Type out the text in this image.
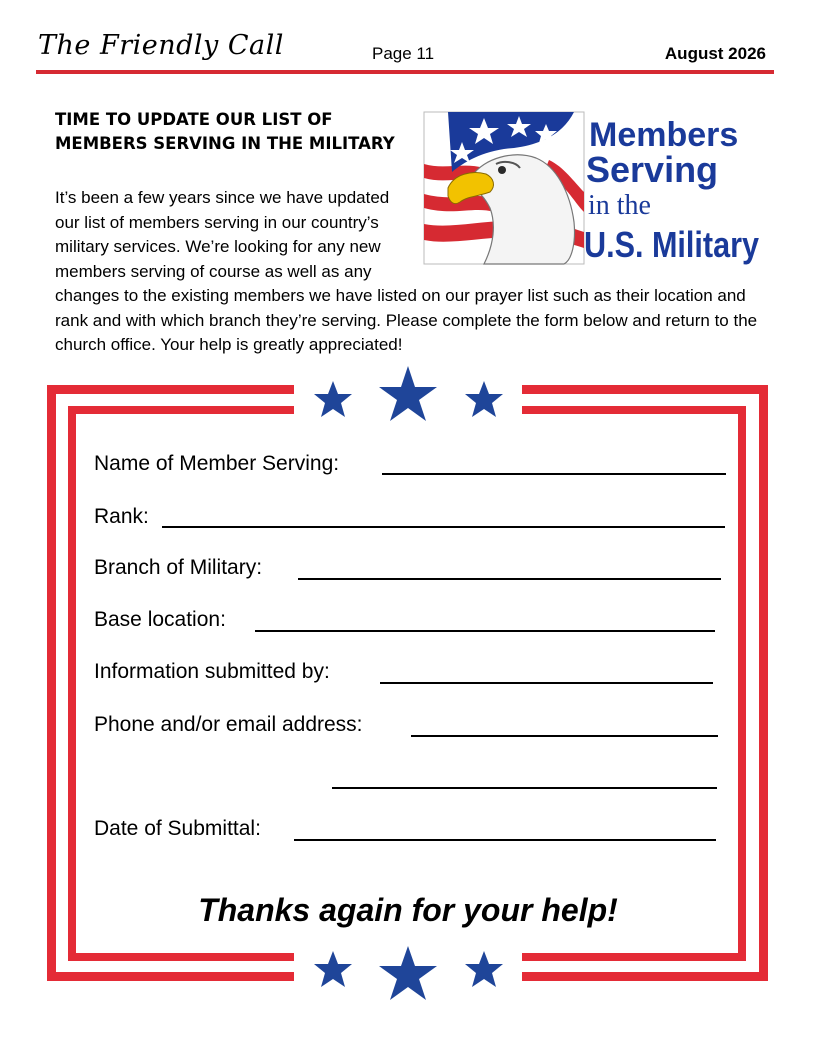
The Friendly Call	Page 11	August 2026
TIME TO UPDATE OUR LIST OF MEMBERS SERVING IN THE MILITARY
It’s been a few years since we have updated our list of members serving in our country’s military services. We’re looking for any new members serving of course as well as any changes to the existing members we have listed on our prayer list such as their location and rank and with which branch they’re serving. Please complete the form below and return to the church office. Your help is greatly appreciated!
Members
Serving
in the
U.S. Military
Name of Member Serving:
Rank:
Branch of Military:
Base location:
Information submitted by:
Phone and/or email address:
Date of Submittal:
Thanks again for your help!
